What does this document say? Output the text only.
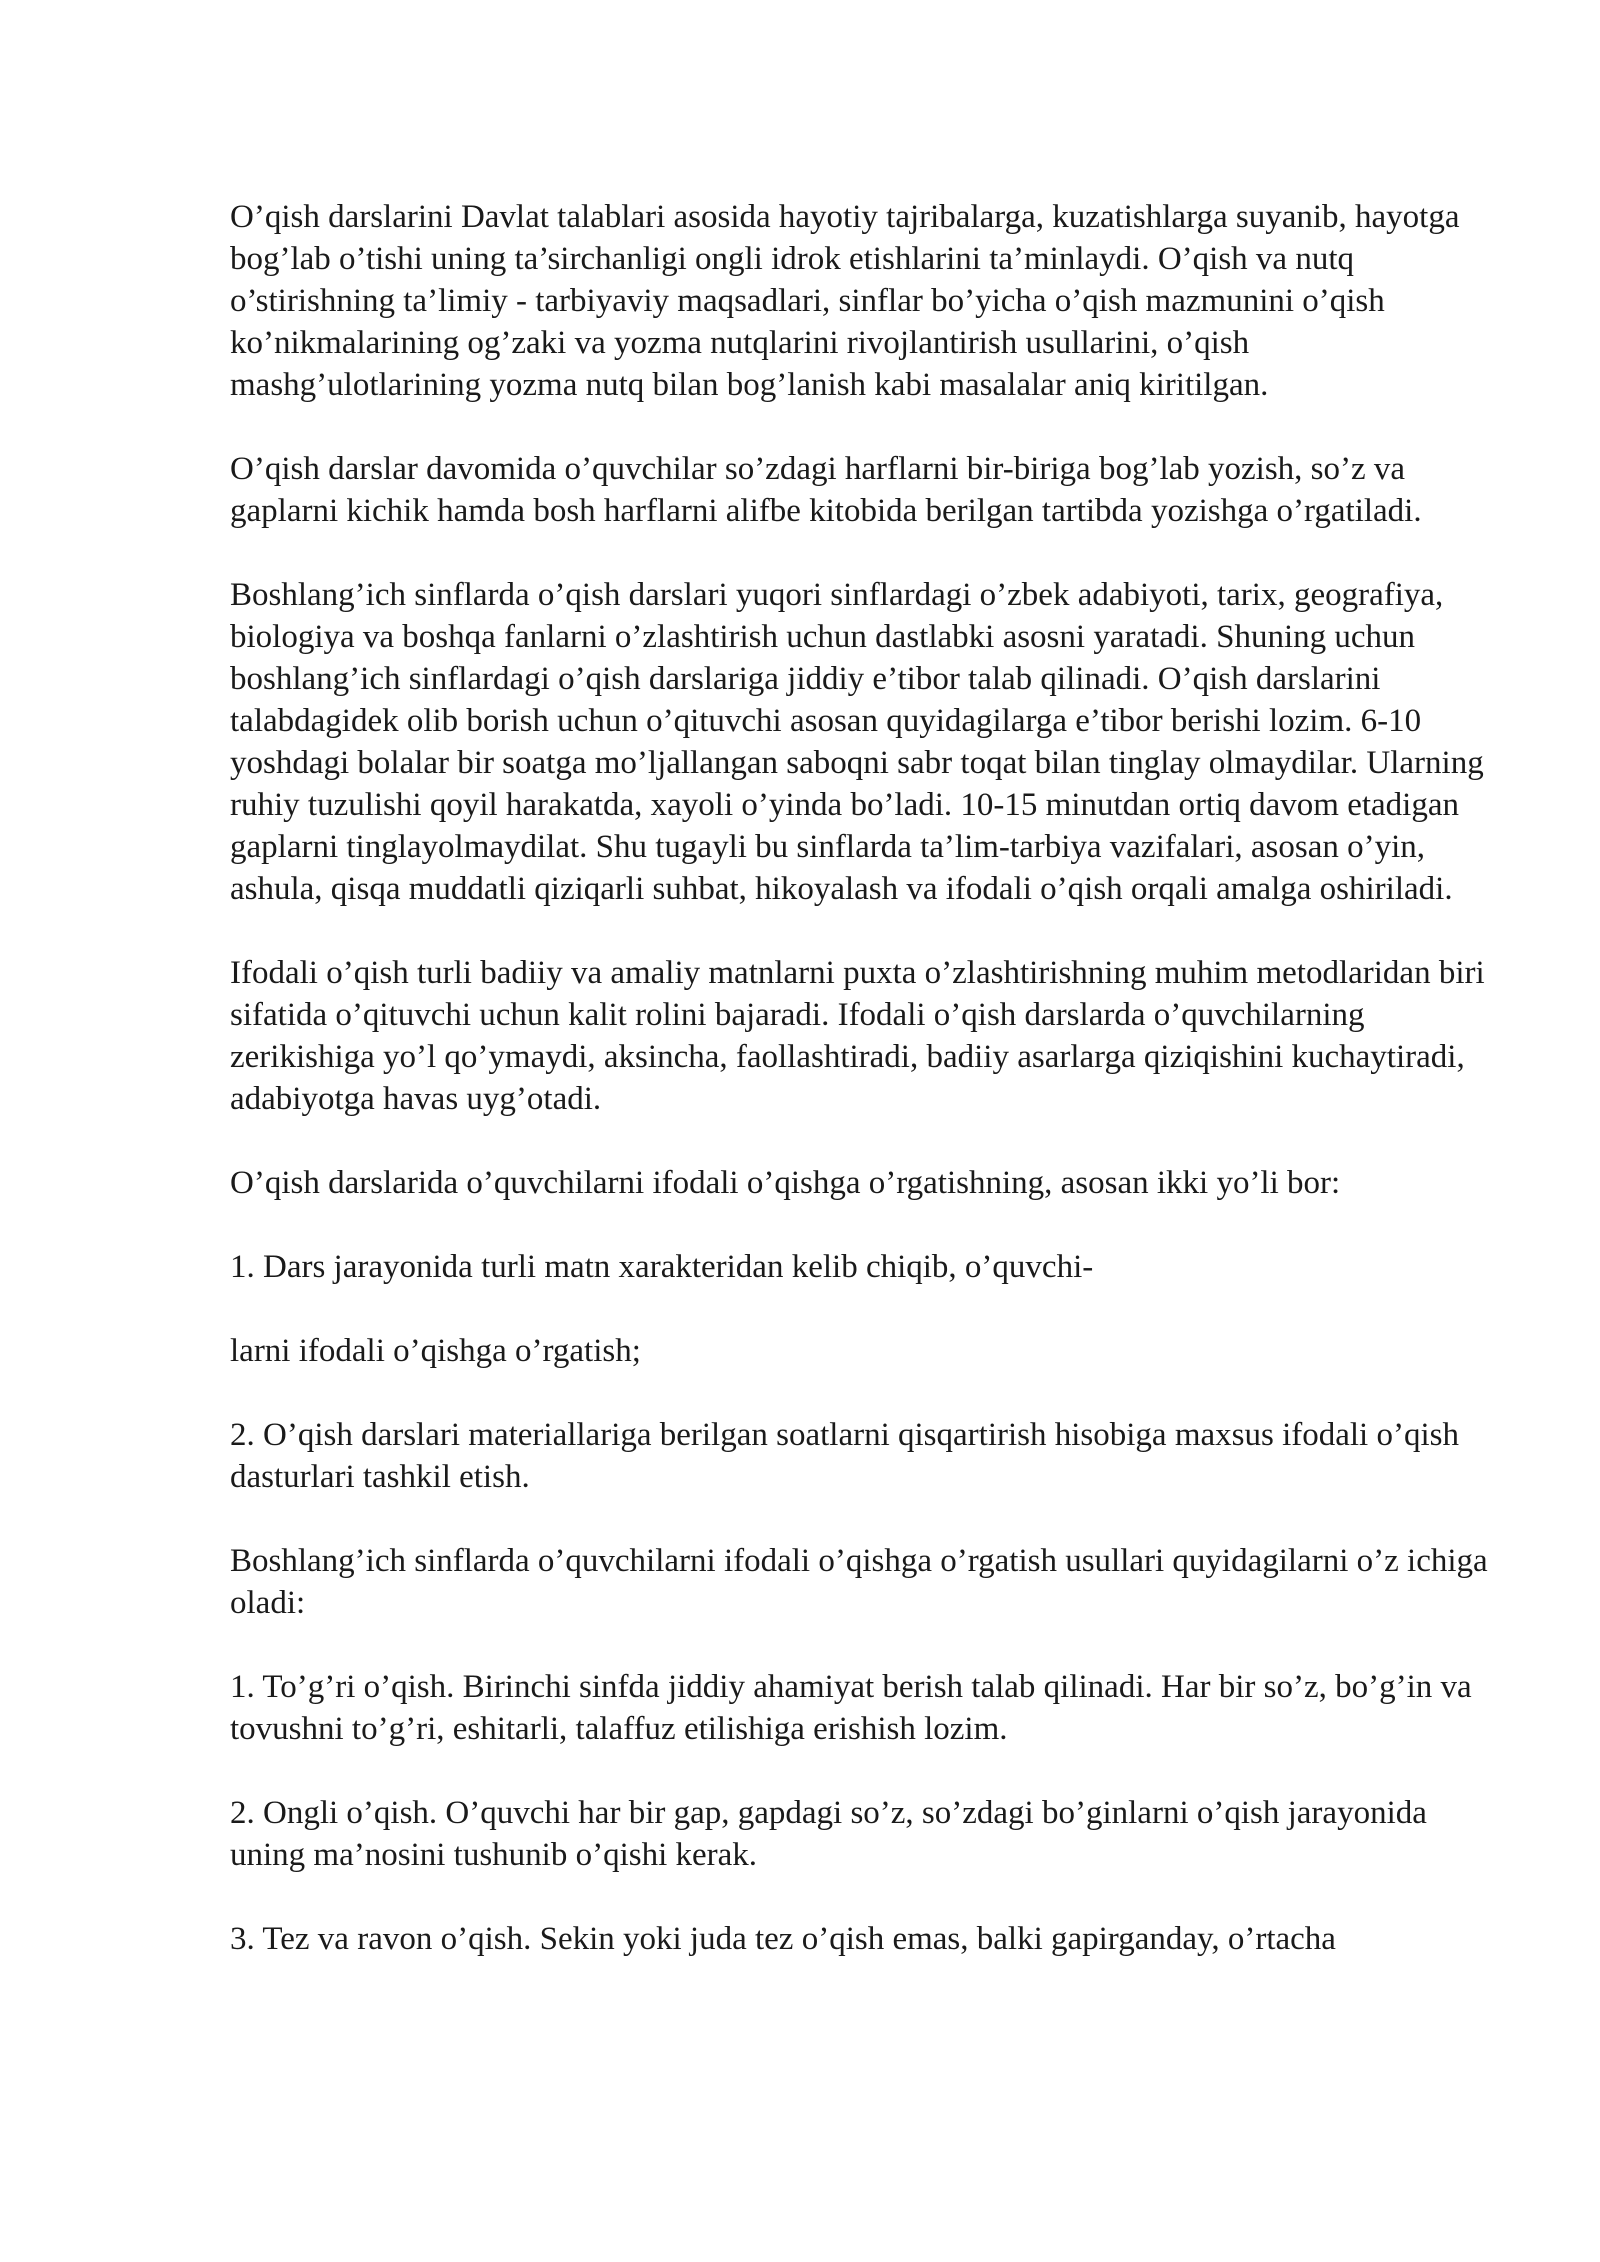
O’qish darslarini Davlat talablari asosida hayotiy tajribalarga, kuzatishlarga suyanib, hayotga bog’lab o’tishi uning ta’sirchanligi ongli idrok etishlarini ta’minlaydi. O’qish va nutq o’stirishning ta’limiy - tarbiyaviy maqsadlari, sinflar bo’yicha o’qish mazmunini o’qish ko’nikmalarining og’zaki va yozma nutqlarini rivojlantirish usullarini, o’qish mashg’ulotlarining yozma nutq bilan bog’lanish kabi masalalar aniq kiritilgan.

O’qish darslar davomida o’quvchilar so’zdagi harflarni bir-biriga bog’lab yozish, so’z va gaplarni kichik hamda bosh harflarni alifbe kitobida berilgan tartibda yozishga o’rgatiladi.

Boshlang’ich sinflarda o’qish darslari yuqori sinflardagi o’zbek adabiyoti, tarix, geografiya, biologiya va boshqa fanlarni o’zlashtirish uchun dastlabki asosni yaratadi. Shuning uchun boshlang’ich sinflardagi o’qish darslariga jiddiy e’tibor talab qilinadi. O’qish darslarini talabdagidek olib borish uchun o’qituvchi asosan quyidagilarga e’tibor berishi lozim. 6-10 yoshdagi bolalar bir soatga mo’ljallangan saboqni sabr toqat bilan tinglay olmaydilar. Ularning ruhiy tuzulishi qoyil harakatda, xayoli o’yinda bo’ladi. 10-15 minutdan ortiq davom etadigan gaplarni tinglayolmaydilat. Shu tugayli bu sinflarda ta’lim-tarbiya vazifalari, asosan o’yin, ashula, qisqa muddatli qiziqarli suhbat, hikoyalash va ifodali o’qish orqali amalga oshiriladi.

Ifodali o’qish turli badiiy va amaliy matnlarni puxta o’zlashtirishning muhim metodlaridan biri sifatida o’qituvchi uchun kalit rolini bajaradi. Ifodali o’qish darslarda o’quvchilarning zerikishiga yo’l qo’ymaydi, aksincha, faollashtiradi, badiiy asarlarga qiziqishini kuchaytiradi, adabiyotga havas uyg’otadi.

O’qish darslarida o’quvchilarni ifodali o’qishga o’rgatishning, asosan ikki yo’li bor:

1. Dars jarayonida turli matn xarakteridan kelib chiqib, o’quvchi-

larni ifodali o’qishga o’rgatish;

2. O’qish darslari materiallariga berilgan soatlarni qisqartirish hisobiga maxsus ifodali o’qish dasturlari tashkil etish.

Boshlang’ich sinflarda o’quvchilarni ifodali o’qishga o’rgatish usullari quyidagilarni o’z ichiga oladi:

1. To’g’ri o’qish. Birinchi sinfda jiddiy ahamiyat berish talab qilinadi. Har bir so’z, bo’g’in va tovushni to’g’ri, eshitarli, talaffuz etilishiga erishish lozim.

2. Ongli o’qish. O’quvchi har bir gap, gapdagi so’z, so’zdagi bo’ginlarni o’qish jarayonida uning ma’nosini tushunib o’qishi kerak.

3. Tez va ravon o’qish. Sekin yoki juda tez o’qish emas, balki gapirganday, o’rtacha
